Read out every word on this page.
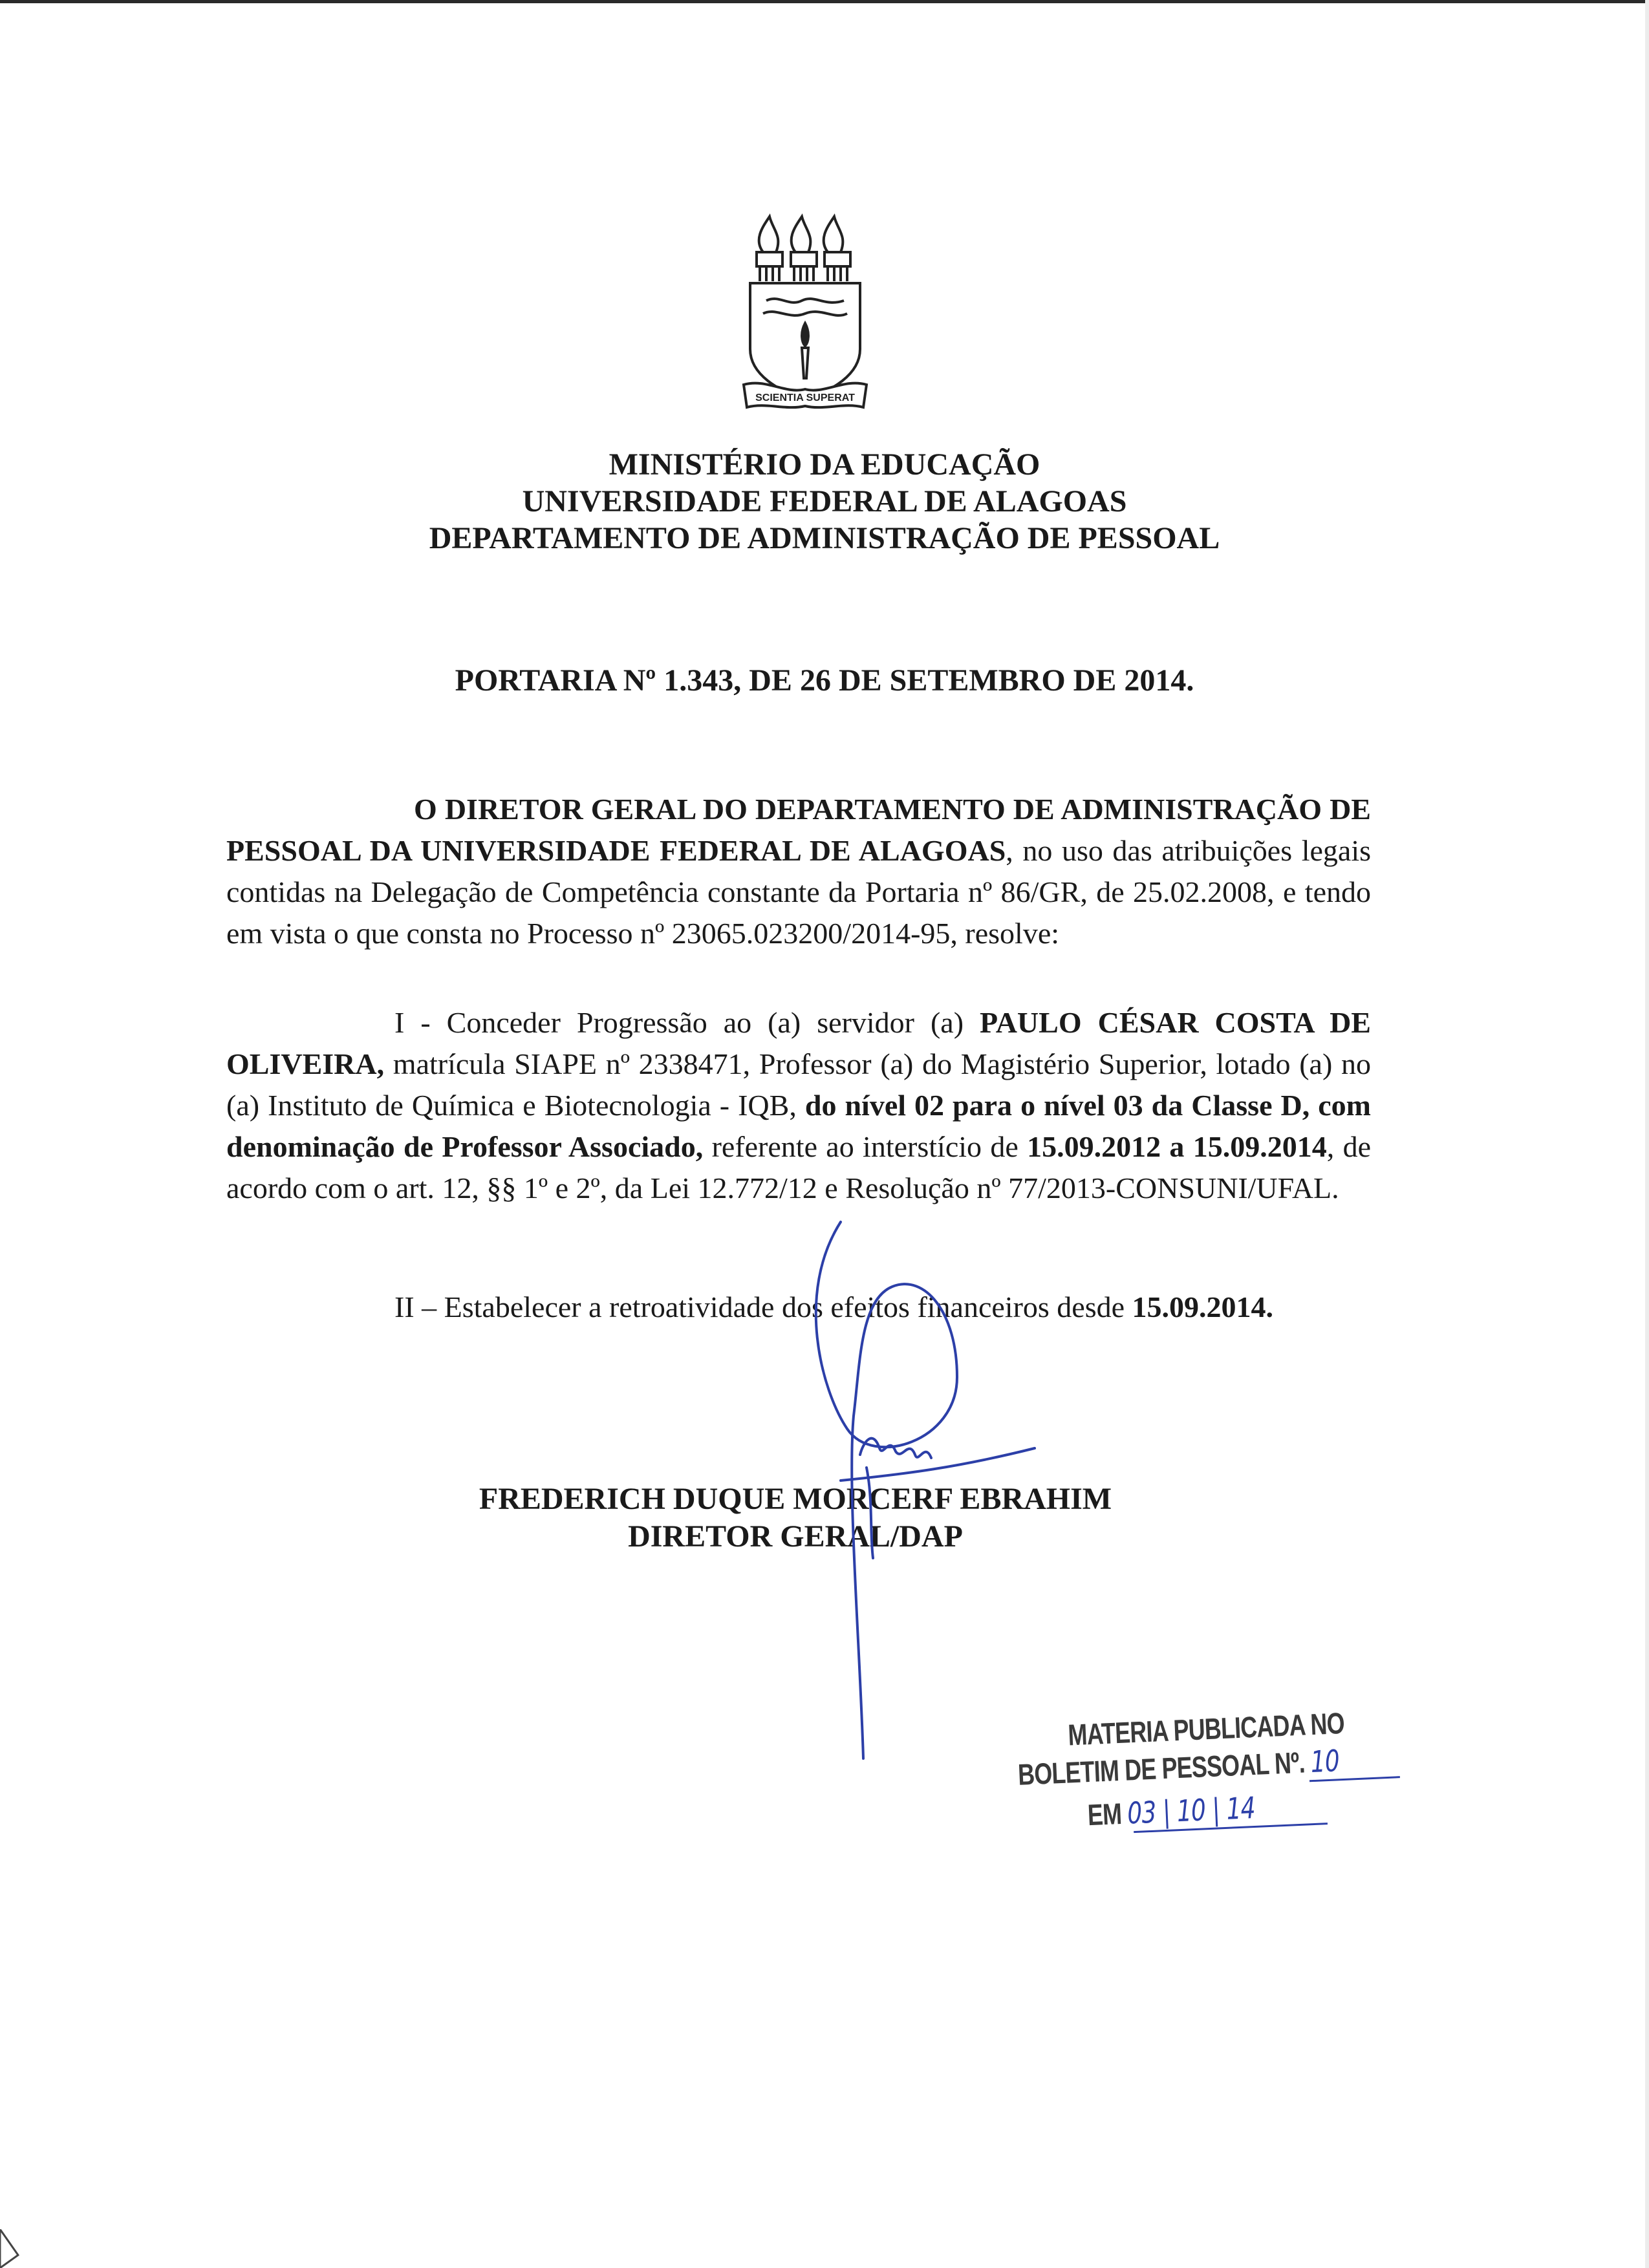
SCIENTIA SUPERAT
MINISTÉRIO DA EDUCAÇÃO
UNIVERSIDADE FEDERAL DE ALAGOAS
DEPARTAMENTO DE ADMINISTRAÇÃO DE PESSOAL
PORTARIA Nº 1.343, DE 26 DE SETEMBRO DE 2014.
O DIRETOR GERAL DO DEPARTAMENTO DE ADMINISTRAÇÃO DE PESSOAL DA UNIVERSIDADE FEDERAL DE ALAGOAS, no uso das atribuições legais contidas na Delegação de Competência constante da Portaria nº 86/GR, de 25.02.2008, e tendo em vista o que consta no Processo nº 23065.023200/2014-95, resolve:
I - Conceder Progressão ao (a) servidor (a) PAULO CÉSAR COSTA DE OLIVEIRA, matrícula SIAPE nº 2338471, Professor (a) do Magistério Superior, lotado (a) no (a) Instituto de Química e Biotecnologia - IQB, do nível 02 para o nível 03 da Classe D, com denominação de Professor Associado, referente ao interstício de 15.09.2012 a 15.09.2014, de acordo com o art. 12, §§ 1º e 2º, da Lei 12.772/12 e Resolução nº 77/2013-CONSUNI/UFAL.
II – Estabelecer a retroatividade dos efeitos financeiros desde 15.09.2014.
FREDERICH DUQUE MORCERF EBRAHIM
DIRETOR GERAL/DAP
MATERIA PUBLICADA NO
BOLETIM DE PESSOAL Nº. 10
EM 03 | 10 | 14
